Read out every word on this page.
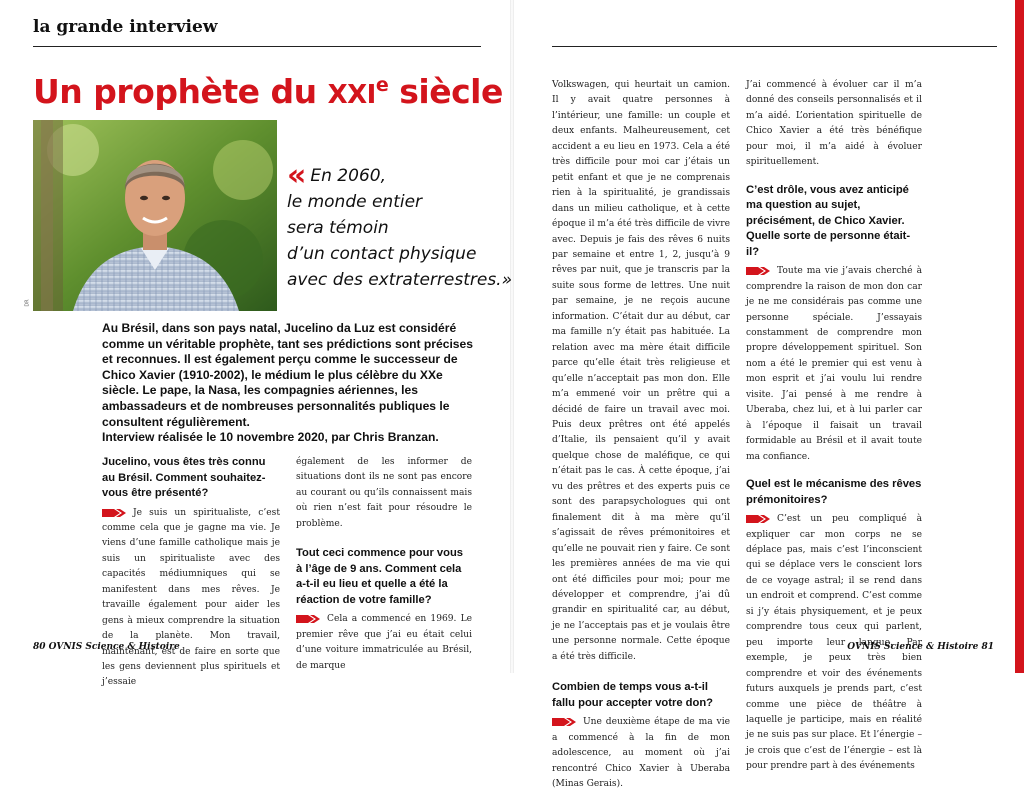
la grande interview
Un prophète du XXIe siècle
DR
« En 2060,
le monde entier
sera témoin
d’un contact physique
avec des extraterrestres.»

Au Brésil, dans son pays natal, Jucelino da Luz est considéré comme un véritable prophète, tant ses prédictions sont précises et reconnues. Il est également perçu comme le successeur de Chico Xavier (1910-2002), le médium le plus célèbre du XXe siècle. Le pape, la Nasa, les compagnies aériennes, les ambassadeurs et de nombreuses personnalités publiques le consultent régulièrement.

Interview réalisée le 10 novembre 2020, par Chris Branzan.

Jucelino, vous êtes très connu au Brésil. Comment souhaitez-vous être présenté?

Je suis un spiritualiste, c’est comme cela que je gagne ma vie. Je viens d’une famille catholique mais je suis un spiritualiste avec des capacités médiumniques qui se manifestent dans mes rêves. Je travaille également pour aider les gens à mieux comprendre la situation de la planète. Mon travail, maintenant, est de faire en sorte que les gens deviennent plus spirituels et j’essaie

également de les informer de situations dont ils ne sont pas encore au courant ou qu’ils connaissent mais où rien n’est fait pour résoudre le problème.

Tout ceci commence pour vous à l’âge de 9 ans. Comment cela a-t-il eu lieu et quelle a été la réaction de votre famille?

Cela a commencé en 1969. Le premier rêve que j’ai eu était celui d’une voiture immatriculée au Brésil, de marque

Volkswagen, qui heurtait un camion. Il y avait quatre personnes à l’intérieur, une famille: un couple et deux enfants. Malheureusement, cet accident a eu lieu en 1973. Cela a été très difficile pour moi car j’étais un petit enfant et que je ne comprenais rien à la spiritualité, je grandissais dans un milieu catholique, et à cette époque il m’a été très difficile de vivre avec. Depuis je fais des rêves 6 nuits par semaine et entre 1, 2, jusqu’à 9 rêves par nuit, que je transcris par la suite sous forme de lettres. Une nuit par semaine, je ne reçois aucune information. C’était dur au début, car ma famille n’y était pas habituée. La relation avec ma mère était difficile parce qu’elle était très religieuse et qu’elle n’acceptait pas mon don. Elle m’a emmené voir un prêtre qui a décidé de faire un travail avec moi. Puis deux prêtres ont été appelés d’Italie, ils pensaient qu’il y avait quelque chose de maléfique, ce qui n’était pas le cas. À cette époque, j’ai vu des prêtres et des experts puis ce sont des parapsychologues qui ont finalement dit à ma mère qu’il s’agissait de rêves prémonitoires et qu’elle ne pouvait rien y faire. Ce sont les premières années de ma vie qui ont été difficiles pour moi; pour me développer et comprendre, j’ai dû grandir en spiritualité car, au début, je ne l’acceptais pas et je voulais être une personne normale. Cette époque a été très difficile.

Combien de temps vous a-t-il fallu pour accepter votre don?

Une deuxième étape de ma vie a commencé à la fin de mon adolescence, au moment où j’ai rencontré Chico Xavier à Uberaba (Minas Gerais).

J’ai commencé à évoluer car il m’a donné des conseils personnalisés et il m’a aidé. L’orientation spirituelle de Chico Xavier a été très bénéfique pour moi, il m’a aidé à évoluer spirituellement.

C’est drôle, vous avez anticipé ma question au sujet, précisément, de Chico Xavier. Quelle sorte de personne était-il?

Toute ma vie j’avais cherché à comprendre la raison de mon don car je ne me considérais pas comme une personne spéciale. J’essayais constamment de comprendre mon propre développement spirituel. Son nom a été le premier qui est venu à mon esprit et j’ai voulu lui rendre visite. J’ai pensé à me rendre à Uberaba, chez lui, et à lui parler car à l’époque il faisait un travail formidable au Brésil et il avait toute ma confiance.

Quel est le mécanisme des rêves prémonitoires?

C’est un peu compliqué à expliquer car mon corps ne se déplace pas, mais c’est l’inconscient qui se déplace vers le conscient lors de ce voyage astral; il se rend dans un endroit et comprend. C’est comme si j’y étais physiquement, et je peux comprendre tous ceux qui parlent, peu importe leur langue. Par exemple, je peux très bien comprendre et voir des événements futurs auxquels je prends part, c’est comme une pièce de théâtre à laquelle je participe, mais en réalité je ne suis pas sur place. Et l’énergie – je crois que c’est de l’énergie – est là pour prendre part à des événements

80 OVNIS Science & Histoire	OVNIS Science & Histoire 81
